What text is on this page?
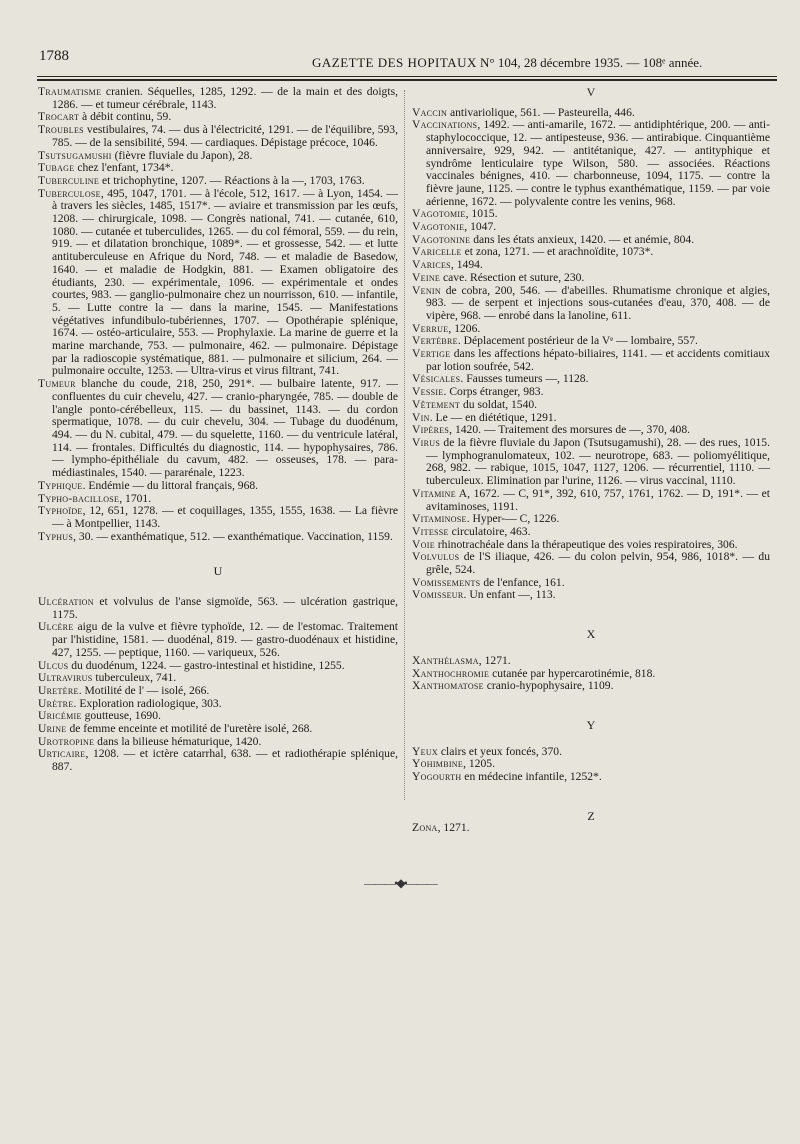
1788	GAZETTE DES HOPITAUX N° 104, 28 décembre 1935. — 108ᵉ année.

Traumatisme cranien. Séquelles, 1285, 1292. — de la main et des doigts, 1286. — et tumeur cérébrale, 1143.

Trocart à débit continu, 59.

Troubles vestibulaires, 74. — dus à l'électricité, 1291. — de l'équilibre, 593, 785. — de la sensibilité, 594. — cardiaques. Dépistage précoce, 1046.

Tsutsugamushi (fièvre fluviale du Japon), 28.

Tubage chez l'enfant, 1734*.

Tuberculine et trichophytine, 1207. — Réactions à la —, 1703, 1763.

Tuberculose, 495, 1047, 1701. — à l'école, 512, 1617. — à Lyon, 1454. — à travers les siècles, 1485, 1517*. — aviaire et transmission par les œufs, 1208. — chirurgicale, 1098. — Congrès national, 741. — cutanée, 610, 1080. — cutanée et tuberculides, 1265. — du col fémoral, 559. — du rein, 919. — et dilatation bronchique, 1089*. — et grossesse, 542. — et lutte antituberculeuse en Afrique du Nord, 748. — et maladie de Basedow, 1640. — et maladie de Hodgkin, 881. — Examen obligatoire des étudiants, 230. — expérimentale, 1096. — expérimentale et ondes courtes, 983. — ganglio-pulmonaire chez un nourrisson, 610. — infantile, 5. — Lutte contre la — dans la marine, 1545. — Manifestations végétatives infundibulo-tubériennes, 1707. — Opothérapie splénique, 1674. — ostéo-articulaire, 553. — Prophylaxie. La marine de guerre et la marine marchande, 753. — pulmonaire, 462. — pulmonaire. Dépistage par la radioscopie systématique, 881. — pulmonaire et silicium, 264. — pulmonaire occulte, 1253. — Ultra-virus et virus filtrant, 741.

Tumeur blanche du coude, 218, 250, 291*. — bulbaire latente, 917. — confluentes du cuir chevelu, 427. — cranio-pharyngée, 785. — double de l'angle ponto-cérébelleux, 115. — du bassinet, 1143. — du cordon spermatique, 1078. — du cuir chevelu, 304. — Tubage du duodénum, 494. — du N. cubital, 479. — du squelette, 1160. — du ventricule latéral, 114. — frontales. Difficultés du diagnostic, 114. — hypophysaires, 786. — lympho-épithéliale du cavum, 482. — osseuses, 178. — para-médiastinales, 1540. — pararénale, 1223.

Typhique. Endémie — du littoral français, 968.

Typho-bacillose, 1701.

Typhoïde, 12, 651, 1278. — et coquillages, 1355, 1555, 1638. — La fièvre — à Montpellier, 1143.

Typhus, 30. — exanthématique, 512. — exanthématique. Vaccination, 1159.

U

Ulcération et volvulus de l'anse sigmoïde, 563. — ulcération gastrique, 1175.

Ulcère aigu de la vulve et fièvre typhoïde, 12. — de l'estomac. Traitement par l'histidine, 1581. — duodénal, 819. — gastro-duodénaux et histidine, 427, 1255. — peptique, 1160. — variqueux, 526.

Ulcus du duodénum, 1224. — gastro-intestinal et histidine, 1255.

Ultravirus tuberculeux, 741.

Uretère. Motilité de l' — isolé, 266.

Urètre. Exploration radiologique, 303.

Uricémie goutteuse, 1690.

Urine de femme enceinte et motilité de l'uretère isolé, 268.

Urotropine dans la bilieuse hématurique, 1420.

Urticaire, 1208. — et ictère catarrhal, 638. — et radiothérapie splénique, 887.

V

Vaccin antivariolique, 561. — Pasteurella, 446.

Vaccinations, 1492. — anti-amarile, 1672. — antidiphtérique, 200. — anti-staphylococcique, 12. — antipesteuse, 936. — antirabique. Cinquantième anniversaire, 929, 942. — antitétanique, 427. — antityphique et syndrôme lenticulaire type Wilson, 580. — associées. Réactions vaccinales bénignes, 410. — charbonneuse, 1094, 1175. — contre la fièvre jaune, 1125. — contre le typhus exanthématique, 1159. — par voie aérienne, 1672. — polyvalente contre les venins, 968.

Vagotomie, 1015.

Vagotonie, 1047.

Vagotonine dans les états anxieux, 1420. — et anémie, 804.

Varicelle et zona, 1271. — et arachnoïdite, 1073*.

Varices, 1494.

Veine cave. Résection et suture, 230.

Venin de cobra, 200, 546. — d'abeilles. Rhumatisme chronique et algies, 983. — de serpent et injections sous-cutanées d'eau, 370, 408. — de vipère, 968. — enrobé dans la lanoline, 611.

Verrue, 1206.

Vertèbre. Déplacement postérieur de la Vᵉ — lombaire, 557.

Vertige dans les affections hépato-biliaires, 1141. — et accidents comitiaux par lotion soufrée, 542.

Vésicales. Fausses tumeurs —, 1128.

Vessie. Corps étranger, 983.

Vêtement du soldat, 1540.

Vin. Le — en diététique, 1291.

Vipères, 1420. — Traitement des morsures de —, 370, 408.

Virus de la fièvre fluviale du Japon (Tsutsugamushi), 28. — des rues, 1015. — lymphogranulomateux, 102. — neurotrope, 683. — poliomyélitique, 268, 982. — rabique, 1015, 1047, 1127, 1206. — récurrentiel, 1110. — tuberculeux. Elimination par l'urine, 1126. — virus vaccinal, 1110.

Vitamine A, 1672. — C, 91*, 392, 610, 757, 1761, 1762. — D, 191*. — et avitaminoses, 1191.

Vitaminose. Hyper-— C, 1226.

Vitesse circulatoire, 463.

Voie rhinotrachéale dans la thérapeutique des voies respiratoires, 306.

Volvulus de l'S iliaque, 426. — du colon pelvin, 954, 986, 1018*. — du grêle, 524.

Vomissements de l'enfance, 161.

Vomisseur. Un enfant —, 113.

X

Xanthélasma, 1271.

Xanthochromie cutanée par hypercarotinémie, 818.

Xanthomatose cranio-hypophysaire, 1109.

Y

Yeux clairs et yeux foncés, 370.

Yohimbine, 1205.

Yogourth en médecine infantile, 1252*.

Z

Zona, 1271.

———•◆•———
